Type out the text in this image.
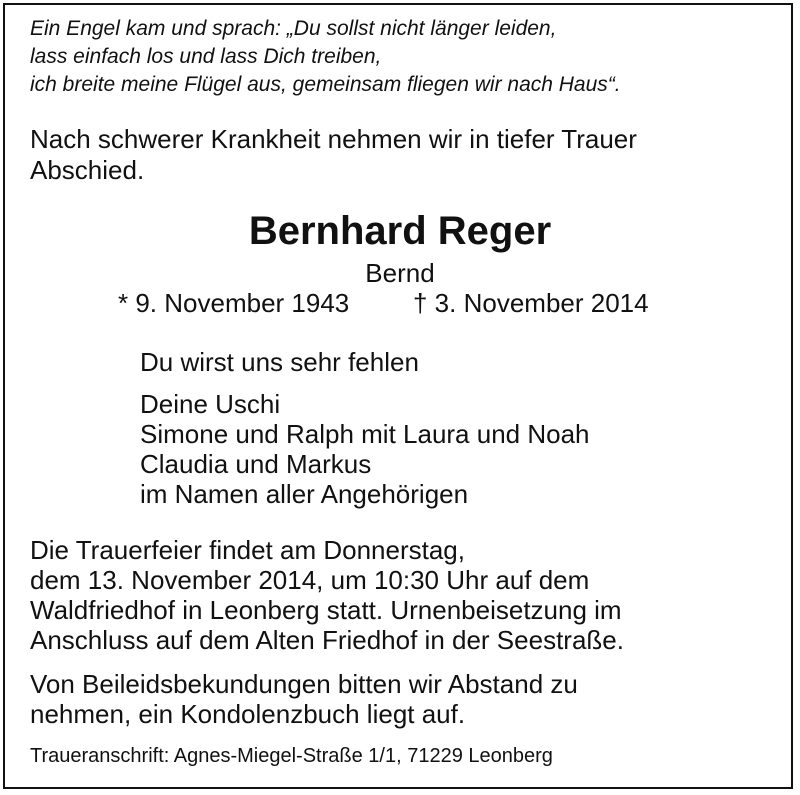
Ein Engel kam und sprach: „Du sollst nicht länger leiden,
lass einfach los und lass Dich treiben,
ich breite meine Flügel aus, gemeinsam fliegen wir nach Haus“.
Nach schwerer Krankheit nehmen wir in tiefer Trauer
Abschied.
Bernhard Reger
Bernd
* 9. November 1943 † 3. November 2014
Du wirst uns sehr fehlen
Deine Uschi
Simone und Ralph mit Laura und Noah
Claudia und Markus
im Namen aller Angehörigen
Die Trauerfeier findet am Donnerstag,
dem 13. November 2014, um 10:30 Uhr auf dem
Waldfriedhof in Leonberg statt. Urnenbeisetzung im
Anschluss auf dem Alten Friedhof in der Seestraße.
Von Beileidsbekundungen bitten wir Abstand zu
nehmen, ein Kondolenzbuch liegt auf.
Traueranschrift: Agnes-Miegel-Straße 1/1, 71229 Leonberg
